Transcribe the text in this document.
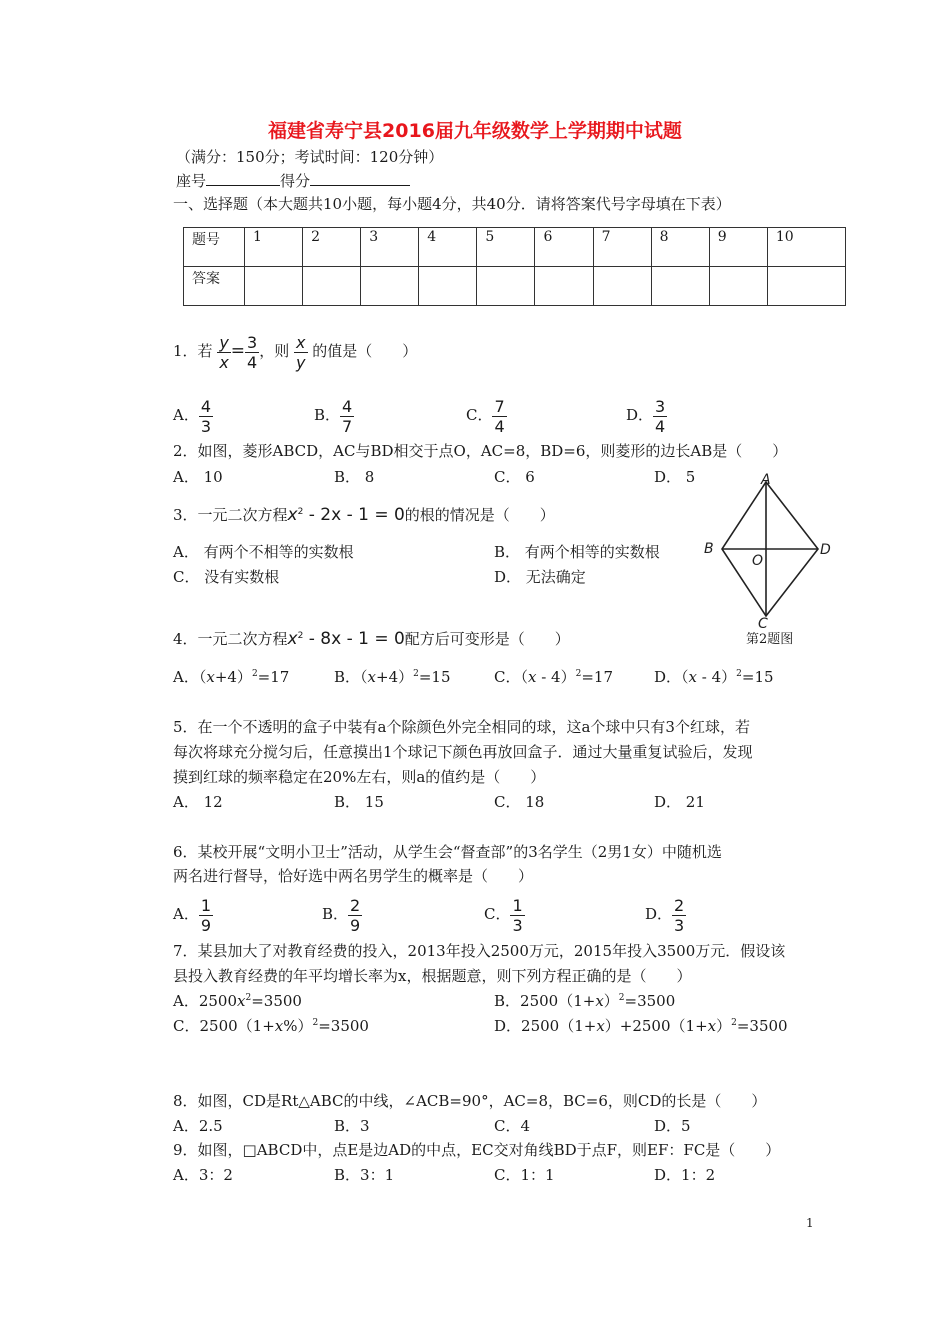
福建省寿宁县2016届九年级数学上学期期中试题
（满分：150分；考试时间：120分钟）
座号	得分
一、选择题（本大题共10小题，每小题4分，共40分．请将答案代号字母填在下表）
题号	1	2	3	4	5	6	7	8	9	10
答案										
1．若 $\frac{y}{x} = \frac{3}{4}$ ，则 $\frac{x}{y}$ 的值是（　　）
A． $\frac{4}{3}$	B． $\frac{4}{7}$	C． $\frac{7}{4}$	D． $\frac{3}{4}$
2．如图，菱形ABCD，AC与BD相交于点O，AC=8，BD=6，则菱形的边长AB是（　　）
A． 10	B． 8	C． 6	D． 5	A
B
O
D
C
第2题图
3．一元二次方程$x^2 - 2x - 1 = 0$的根的情况是（　　）
A． 有两个不相等的实数根	B． 有两个相等的实数根
C． 没有实数根	D． 无法确定
4．一元二次方程$x^2 - 8x - 1 = 0$配方后可变形是（　　）
A．$(x+4)^2=17$	B．$(x+4)^2=15$	C．（x - 4）$^2$=17	D．（x - 4）$^2$=15
5．在一个不透明的盒子中装有a个除颜色外完全相同的球，这a个球中只有3个红球，若
每次将球充分搅匀后，任意摸出1个球记下颜色再放回盒子．通过大量重复试验后，发现
摸到红球的频率稳定在20%左右，则a的值约是（　　）
A． 12	B． 15	C． 18	D． 21
6．某校开展“文明小卫士”活动，从学生会“督查部”的3名学生（2男1女）中随机选
两名进行督导，恰好选中两名男学生的概率是（　　）
A． $\frac{1}{9}$	B． $\frac{2}{9}$	C． $\frac{1}{3}$	D． $\frac{2}{3}$
7．某县加大了对教育经费的投入，2013年投入2500万元，2015年投入3500万元．假设该
县投入教育经费的年平均增长率为x，根据题意，则下列方程正确的是（　　）
A．$2500x^2=3500$	B．$2500(1+x)^2=3500$
C．$2500(1+x\%)^2=3500$	D．$2500(1+x)+2500(1+x)^2=3500$
8．如图，CD是Rt△ABC的中线，∠ACB=90°，AC=8，BC=6，则CD的长是（　　）
A．2.5	B．3	C．4	D．5
9．如图，□ABCD中，点E是边AD的中点，EC交对角线BD于点F，则EF：FC是（　　）
A．3：2	B．3：1	C．1：1	D．1：2
1
